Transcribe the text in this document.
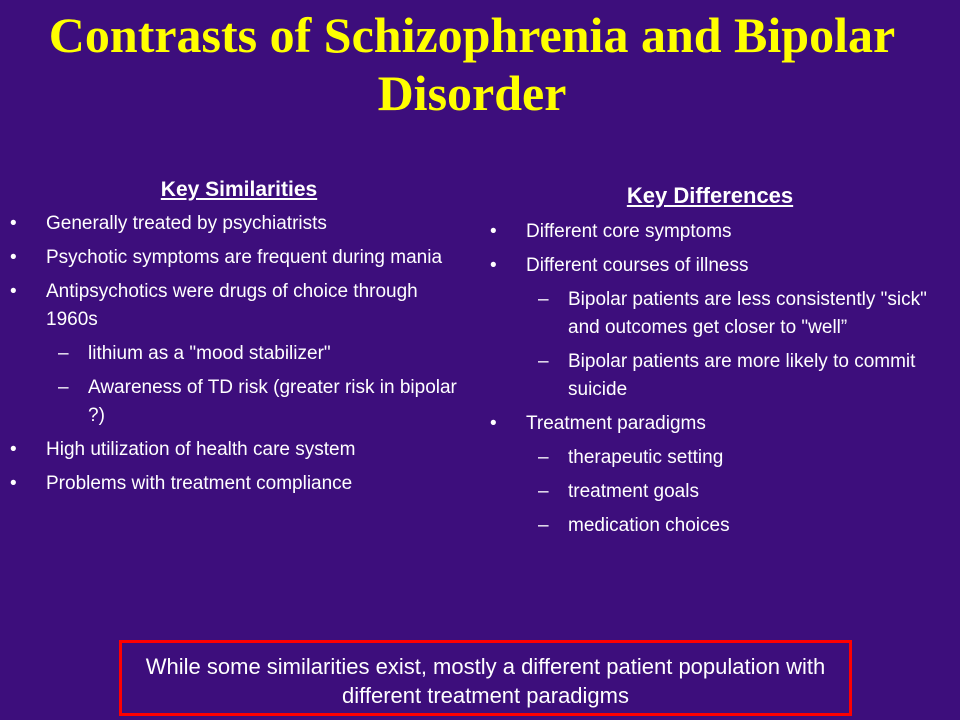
Contrasts of Schizophrenia and Bipolar Disorder
Key Similarities
•	Generally treated by psychiatrists
•	Psychotic symptoms are frequent during mania
•	Antipsychotics were drugs of choice through 1960s
– lithium as a "mood stabilizer"
– Awareness of TD risk (greater risk in bipolar ?)
•	High utilization of health care system
•	Problems with treatment compliance
Key Differences
•	Different core symptoms
•	Different courses of illness
– Bipolar patients are less consistently "sick" and outcomes get closer to "well”
– Bipolar patients are more likely to commit suicide
•	Treatment paradigms
– therapeutic setting
– treatment goals
– medication choices
While some similarities exist, mostly a different patient population with different treatment paradigms
